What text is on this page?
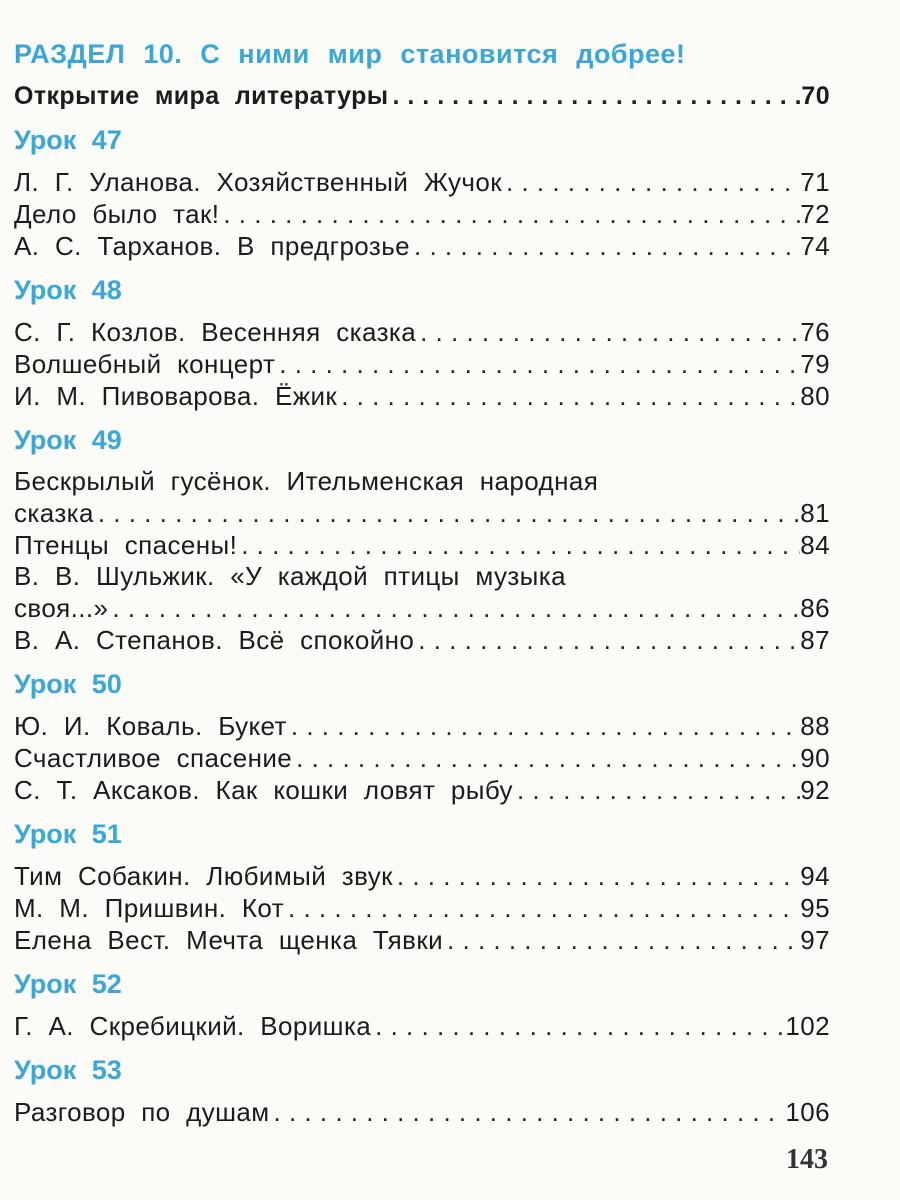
РАЗДЕЛ 10. С ними мир становится добрее!
Открытие мира литературы . . .	70
Урок 47
Л. Г. Уланова. Хозяйственный Жучок . . .	71
Дело было так! . . .	72
А. С. Тарханов. В предгрозье . . .	74
Урок 48
С. Г. Козлов. Весенняя сказка . . .	76
Волшебный концерт . . .	79
И. М. Пивоварова. Ёжик . . .	80
Урок 49
Бескрылый гусёнок. Ительменская народная
сказка . . .	81
Птенцы спасены! . . .	84
В. В. Шульжик. «У каждой птицы музыка
своя...» . . .	86
В. А. Степанов. Всё спокойно . . .	87
Урок 50
Ю. И. Коваль. Букет . . .	88
Счастливое спасение . . .	90
С. Т. Аксаков. Как кошки ловят рыбу . . .	92
Урок 51
Тим Собакин. Любимый звук . . .	94
М. М. Пришвин. Кот . . .	95
Елена Вест. Мечта щенка Тявки . . .	97
Урок 52
Г. А. Скребицкий. Воришка . . .	102
Урок 53
Разговор по душам . . .	106
143
